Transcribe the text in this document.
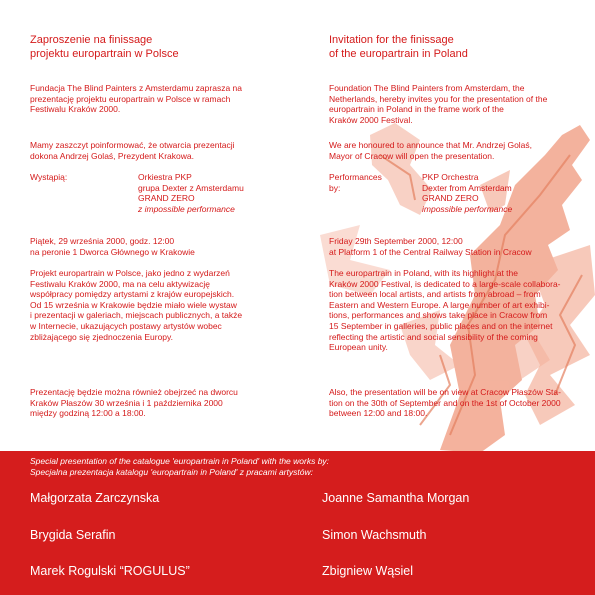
Zaproszenie na finissage
projektu europartrain w Polsce

Fundacja The Blind Painters z Amsterdamu zaprasza na
prezentację projektu europartrain w Polsce w ramach
Festiwalu Kraków 2000.

Mamy zaszczyt poinformować, że otwarcia prezentacji
dokona Andrzej Golaś, Prezydent Krakowa.

Wystąpią:	Orkiestra PKP
grupa Dexter z Amsterdamu
GRAND ZERO
z impossible performance

Piątek, 29 września 2000, godz. 12:00
na peronie 1 Dworca Głównego w Krakowie

Projekt europartrain w Polsce, jako jedno z wydarzeń
Festiwalu Kraków 2000, ma na celu aktywizację
współpracy pomiędzy artystami z krajów europejskich.
Od 15 września w Krakowie będzie miało wiele wystaw
i prezentacji w galeriach, miejscach publicznych, a także
w Internecie, ukazujących postawy artystów wobec
zbliżającego się zjednoczenia Europy.

Prezentację będzie można również obejrzeć na dworcu
Kraków Płaszów 30 września i 1 października 2000
między godziną 12:00 a 18:00.

Invitation for the finissage
of the europartrain in Poland

Foundation The Blind Painters from Amsterdam, the
Netherlands, hereby invites you for the presentation of the
europartrain in Poland in the frame work of the
Kraków 2000 Festival.

We are honoured to announce that Mr. Andrzej Golaś,
Mayor of Cracow will open the presentation.

Performances by:
PKP Orchestra
Dexter from Amsterdam
GRAND ZERO
impossible performance

Friday 29th September 2000, 12:00
at Platform 1 of the Central Railway Station in Cracow

The europartrain in Poland, with its highlight at the
Kraków 2000 Festival, is dedicated to a large-scale collabora-
tion between local artists, and artists from abroad – from
Eastern and Western Europe. A large number of art exhibi-
tions, performances and shows take place in Cracow from
15 September in galleries, public places and on the internet
reflecting the artistic and social sensibility of the coming
European unity.

Also, the presentation will be on view at Cracow Płaszów Sta-
tion on the 30th of September and on the 1st of October 2000
between 12:00 and 18:00.

Special presentation of the catalogue 'europartrain in Poland' with the works by:
Specjalna prezentacja katalogu 'europartrain in Poland' z pracami artystów:

Małgorzata Zarczynska	Joanne Samantha Morgan
Brygida Serafin	Simon Wachsmuth
Marek Rogulski “ROGULUS”	Zbigniew Wąsiel
